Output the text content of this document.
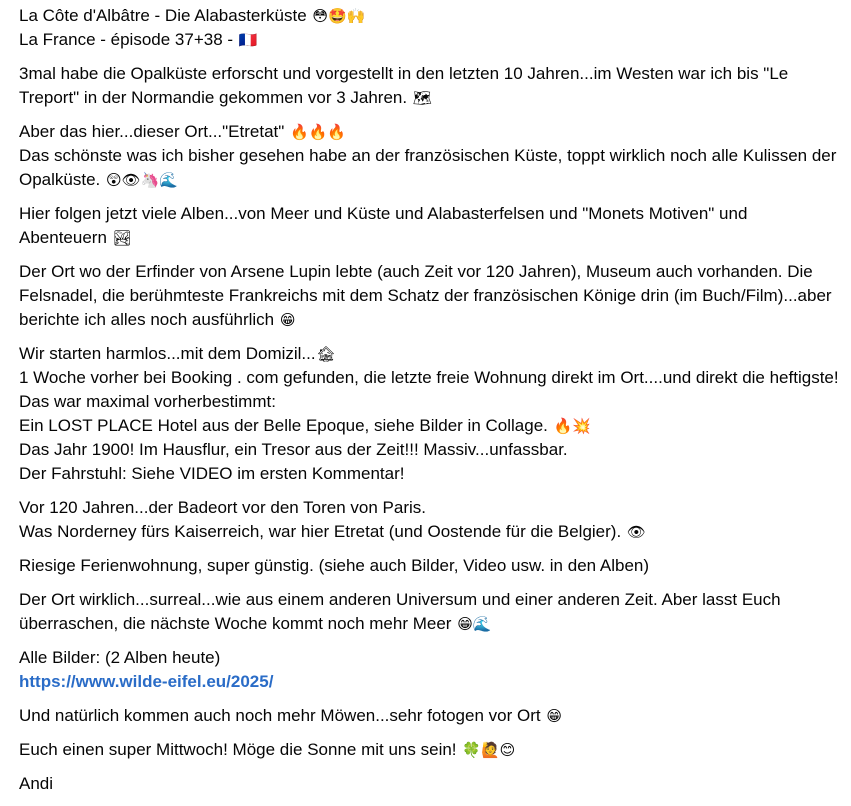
La Côte d'Albâtre - Die Alabasterküste 😳🤩🙌
La France - épisode 37+38 - 🇫🇷

3mal habe die Opalküste erforscht und vorgestellt in den letzten 10 Jahren...im Westen war ich bis "Le Treport" in der Normandie gekommen vor 3 Jahren. 🗺

Aber das hier...dieser Ort..."Etretat" 🔥🔥🔥
Das schönste was ich bisher gesehen habe an der französischen Küste, toppt wirklich noch alle Kulissen der Opalküste. 😲👁🦄🌊

Hier folgen jetzt viele Alben...von Meer und Küste und Alabasterfelsen und "Monets Motiven" und Abenteuern 🏞

Der Ort wo der Erfinder von Arsene Lupin lebte (auch Zeit vor 120 Jahren), Museum auch vorhanden. Die Felsnadel, die berühmteste Frankreichs mit dem Schatz der französischen Könige drin (im Buch/Film)...aber berichte ich alles noch ausführlich 😁

Wir starten harmlos...mit dem Domizil...🏚
1 Woche vorher bei Booking . com gefunden, die letzte freie Wohnung direkt im Ort....und direkt die heftigste! Das war maximal vorherbestimmt:
Ein LOST PLACE Hotel aus der Belle Epoque, siehe Bilder in Collage. 🔥💥
Das Jahr 1900! Im Hausflur, ein Tresor aus der Zeit!!! Massiv...unfassbar.
Der Fahrstuhl: Siehe VIDEO im ersten Kommentar!

Vor 120 Jahren...der Badeort vor den Toren von Paris.
Was Norderney fürs Kaiserreich, war hier Etretat (und Oostende für die Belgier). 👁

Riesige Ferienwohnung, super günstig. (siehe auch Bilder, Video usw. in den Alben)

Der Ort wirklich...surreal...wie aus einem anderen Universum und einer anderen Zeit. Aber lasst Euch überraschen, die nächste Woche kommt noch mehr Meer 😁🌊

Alle Bilder: (2 Alben heute)
https://www.wilde-eifel.eu/2025/

Und natürlich kommen auch noch mehr Möwen...sehr fotogen vor Ort 😁

Euch einen super Mittwoch! Möge die Sonne mit uns sein! 🍀🙋😊

Andi
